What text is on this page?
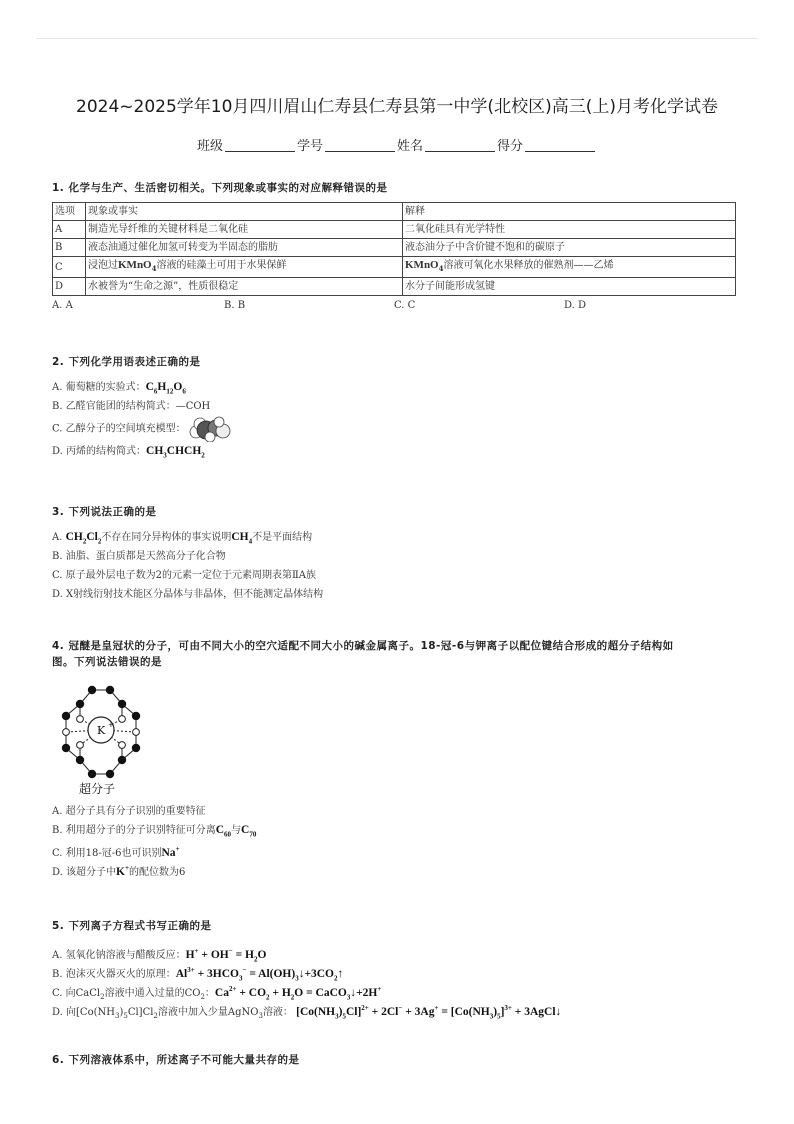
2024~2025学年10月四川眉山仁寿县仁寿县第一中学(北校区)高三(上)月考化学试卷
班级	学号	姓名	得分
1. 化学与生产、生活密切相关。下列现象或事实的对应解释错误的是
选项	现象或事实	解释
A	制造光导纤维的关键材料是二氧化硅	二氧化硅具有光学特性
B	液态油通过催化加氢可转变为半固态的脂肪	液态油分子中含价键不饱和的碳原子
C	浸泡过KMnO$_4$溶液的硅藻土可用于水果保鲜	KMnO$_4$溶液可氧化水果释放的催熟剂——乙烯
D	水被誉为“生命之源”，性质很稳定	水分子间能形成氢键
A. A	B. B	C. C	D. D
2. 下列化学用语表述正确的是
A. 葡萄糖的实验式：$C_6H_{12}O_6$
B. 乙醛官能团的结构简式：—COH
C. 乙醇分子的空间填充模型：
D. 丙烯的结构简式：$CH_3CHCH_2$
3. 下列说法正确的是
A. $CH_2Cl_2$不存在同分异构体的事实说明$CH_4$不是平面结构
B. 油脂、蛋白质都是天然高分子化合物
C. 原子最外层电子数为2的元素一定位于元素周期表第ⅡA族
D. X射线衍射技术能区分晶体与非晶体，但不能测定晶体结构
4. 冠醚是皇冠状的分子，可由不同大小的空穴适配不同大小的碱金属离子。18-冠-6与钾离子以配位键结合形成的超分子结构如
图。下列说法错误的是
K +
超分子
A. 超分子具有分子识别的重要特征
B. 利用超分子的分子识别特征可分离$C_{60}$与$C_{70}$
C. 利用18-冠-6也可识别Na+
D. 该超分子中K+的配位数为6
5. 下列离子方程式书写正确的是
A. 氢氧化钠溶液与醋酸反应：$H^+ + OH^- = H_2O$
B. 泡沫灭火器灭火的原理：$Al^{3+} + 3HCO_3^-$ = $Al(OH)_3↓+3CO_2↑$
C. 向CaCl$_2$溶液中通入过量的$CO_2$：$Ca^{2+} + CO_2 + H_2O$ = CaCO$_3$↓+2H+
D. 向$[Co(NH_3)_5Cl]Cl_2$溶液中加入少量AgNO$_3$溶液： $[Co(NH_3)_5Cl]^{2+} + 2Cl^- + 3Ag^+ = [Co(NH_3)_5]^{3+}$ + 3AgCl↓
6. 下列溶液体系中，所述离子不可能大量共存的是
